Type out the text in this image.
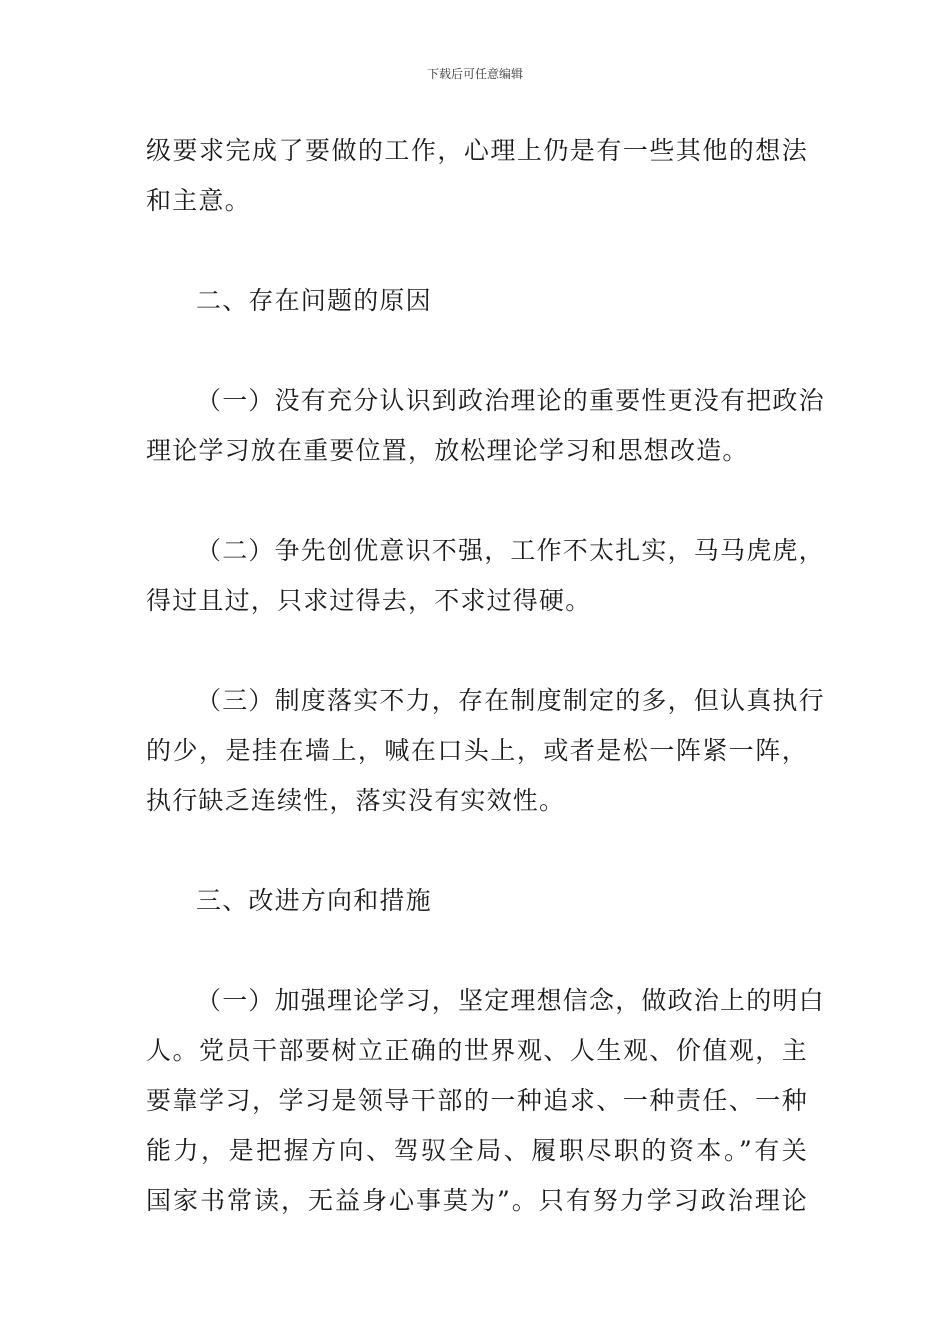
下载后可任意编辑
级要求完成了要做的工作，心理上仍是有一些其他的想法
和主意。
二、存在问题的原因
（一）没有充分认识到政治理论的重要性更没有把政治
理论学习放在重要位置，放松理论学习和思想改造。
（二）争先创优意识不强，工作不太扎实，马马虎虎，
得过且过，只求过得去，不求过得硬。
（三）制度落实不力，存在制度制定的多，但认真执行
的少，是挂在墙上，喊在口头上，或者是松一阵紧一阵，
执行缺乏连续性，落实没有实效性。
三、改进方向和措施
（一）加强理论学习，坚定理想信念，做政治上的明白
人。党员干部要树立正确的世界观、人生观、价值观，主
要靠学习，学习是领导干部的一种追求、一种责任、一种
能力，是把握方向、驾驭全局、履职尽职的资本。”有关
国家书常读，无益身心事莫为”。只有努力学习政治理论
